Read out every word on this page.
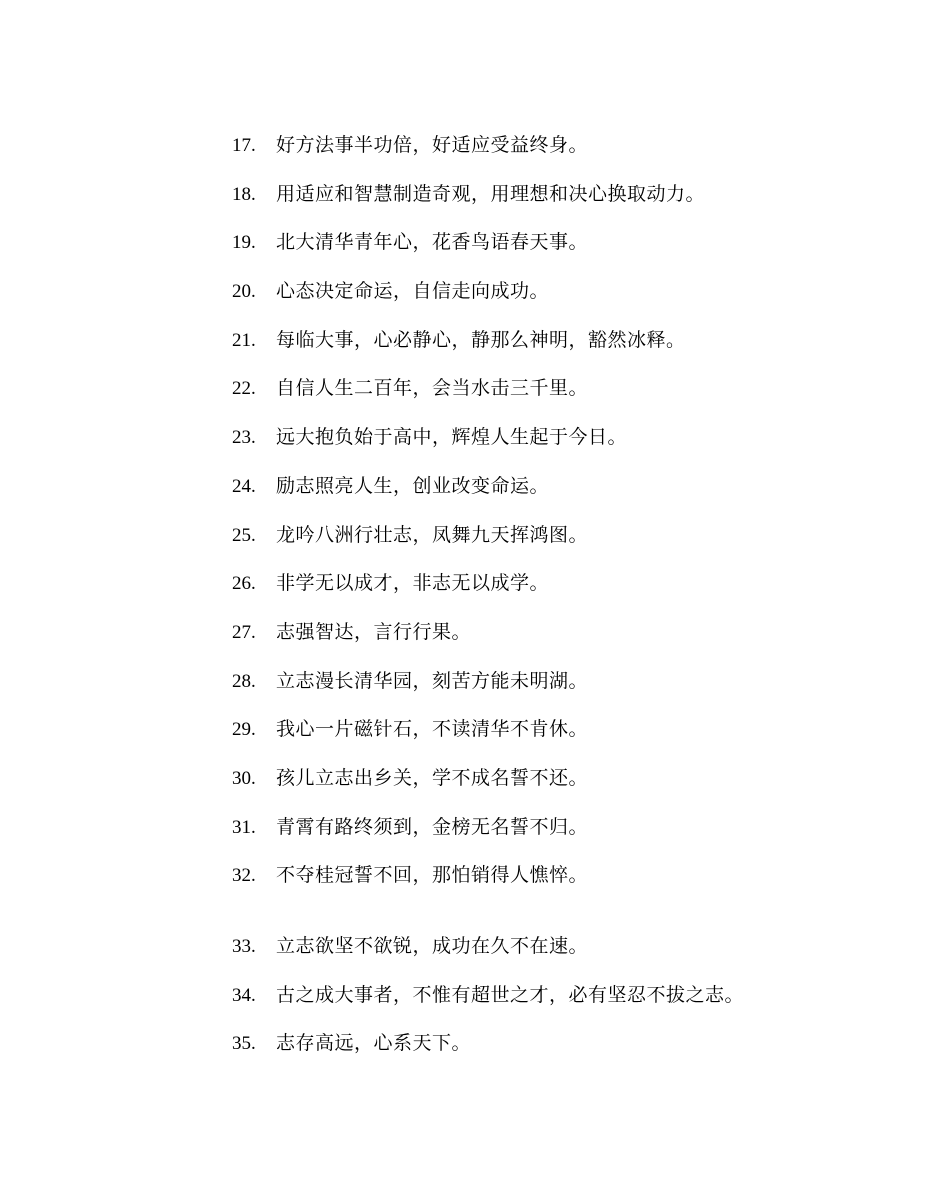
17.	好方法事半功倍，好适应受益终身。
18.	用适应和智慧制造奇观，用理想和决心换取动力。
19.	北大清华青年心，花香鸟语春天事。
20.	心态决定命运，自信走向成功。
21.	每临大事，心必静心，静那么神明，豁然冰释。
22.	自信人生二百年，会当水击三千里。
23.	远大抱负始于高中，辉煌人生起于今日。
24.	励志照亮人生，创业改变命运。
25.	龙吟八洲行壮志，凤舞九天挥鸿图。
26.	非学无以成才，非志无以成学。
27.	志强智达，言行行果。
28.	立志漫长清华园，刻苦方能未明湖。
29.	我心一片磁针石，不读清华不肯休。
30.	孩儿立志出乡关，学不成名誓不还。
31.	青霄有路终须到，金榜无名誓不归。
32.	不夺桂冠誓不回，那怕销得人憔悴。
33.	立志欲坚不欲锐，成功在久不在速。
34.	古之成大事者，不惟有超世之才，必有坚忍不拔之志。
35.	志存高远，心系天下。
